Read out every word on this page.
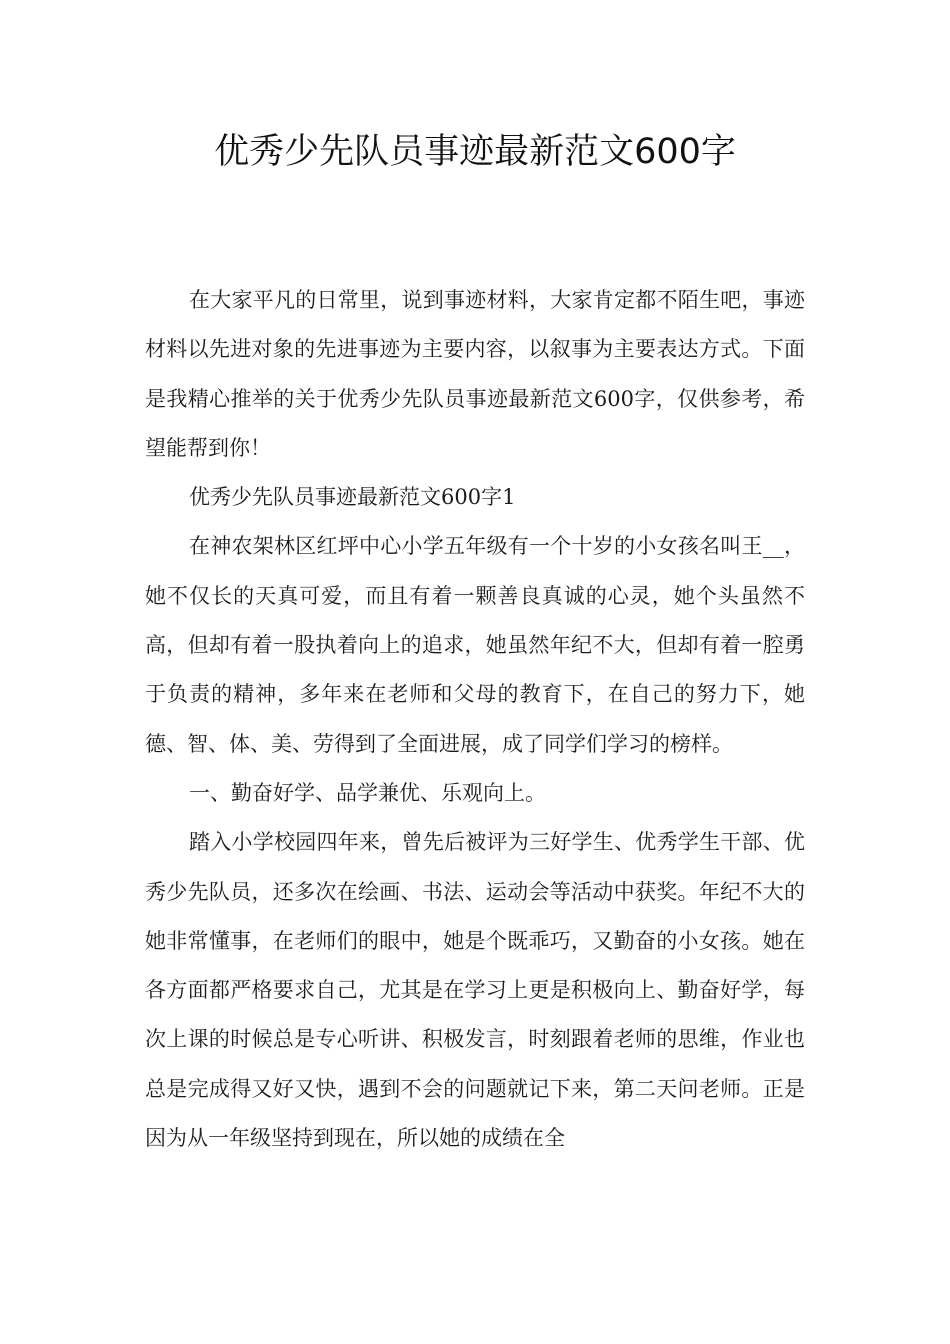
优秀少先队员事迹最新范文600字

在大家平凡的日常里，说到事迹材料，大家肯定都不陌生吧，事迹材料以先进对象的先进事迹为主要内容，以叙事为主要表达方式。下面是我精心推举的关于优秀少先队员事迹最新范文600字，仅供参考，希望能帮到你！

优秀少先队员事迹最新范文600字1

在神农架林区红坪中心小学五年级有一个十岁的小女孩名叫王__，她不仅长的天真可爱，而且有着一颗善良真诚的心灵，她个头虽然不高，但却有着一股执着向上的追求，她虽然年纪不大，但却有着一腔勇于负责的精神，多年来在老师和父母的教育下，在自己的努力下，她德、智、体、美、劳得到了全面进展，成了同学们学习的榜样。

一、勤奋好学、品学兼优、乐观向上。

踏入小学校园四年来，曾先后被评为三好学生、优秀学生干部、优秀少先队员，还多次在绘画、书法、运动会等活动中获奖。年纪不大的她非常懂事，在老师们的眼中，她是个既乖巧，又勤奋的小女孩。她在各方面都严格要求自己，尤其是在学习上更是积极向上、勤奋好学，每次上课的时候总是专心听讲、积极发言，时刻跟着老师的思维，作业也总是完成得又好又快，遇到不会的问题就记下来，第二天问老师。正是因为从一年级坚持到现在，所以她的成绩在全
